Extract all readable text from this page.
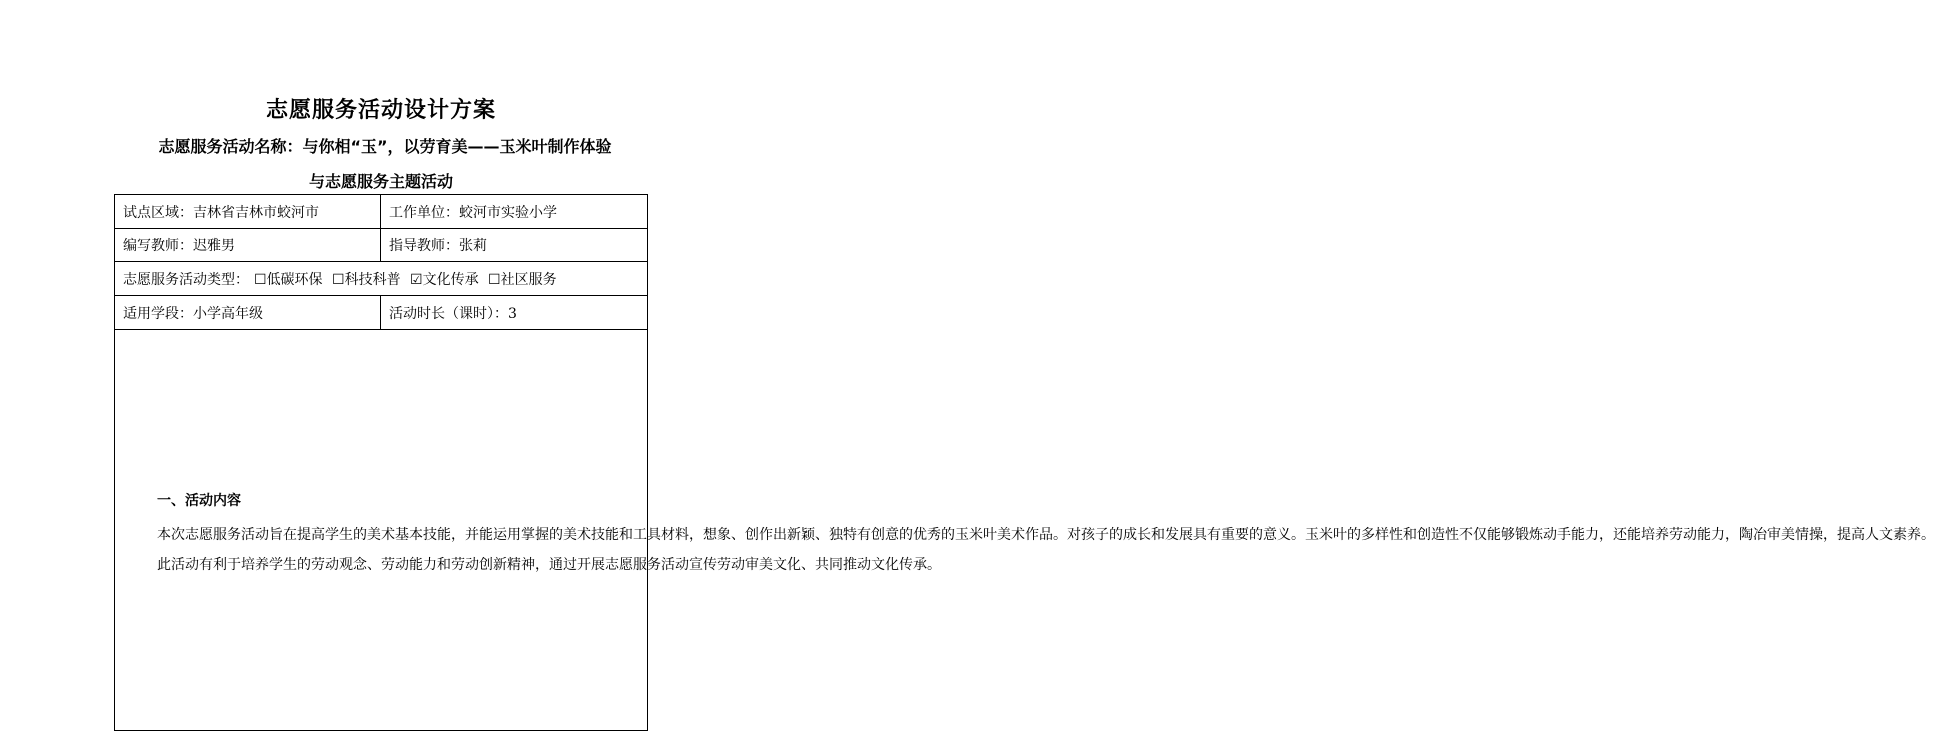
志愿服务活动设计方案
志愿服务活动名称：与你相“玉”，以劳育美——玉米叶制作体验
与志愿服务主题活动
试点区域：吉林省吉林市蛟河市	工作单位：蛟河市实验小学
编写教师：迟雅男	指导教师：张莉
志愿服务活动类型： ☐低碳环保 ☐科技科普 ☑文化传承 ☐社区服务	
适用学段：小学高年级	活动时长（课时）：3

一、活动内容

本次志愿服务活动旨在提高学生的美术基本技能，并能运用掌握的美术技能和工具材料，想象、创作出新颖、独特有创意的优秀的玉米叶美术作品。对孩子的成长和发展具有重要的意义。玉米叶的多样性和创造性不仅能够锻炼动手能力，还能培养劳动能力，陶冶审美情操，提高人文素养。

此活动有利于培养学生的劳动观念、劳动能力和劳动创新精神，通过开展志愿服务活动宣传劳动审美文化、共同推动文化传承。	
